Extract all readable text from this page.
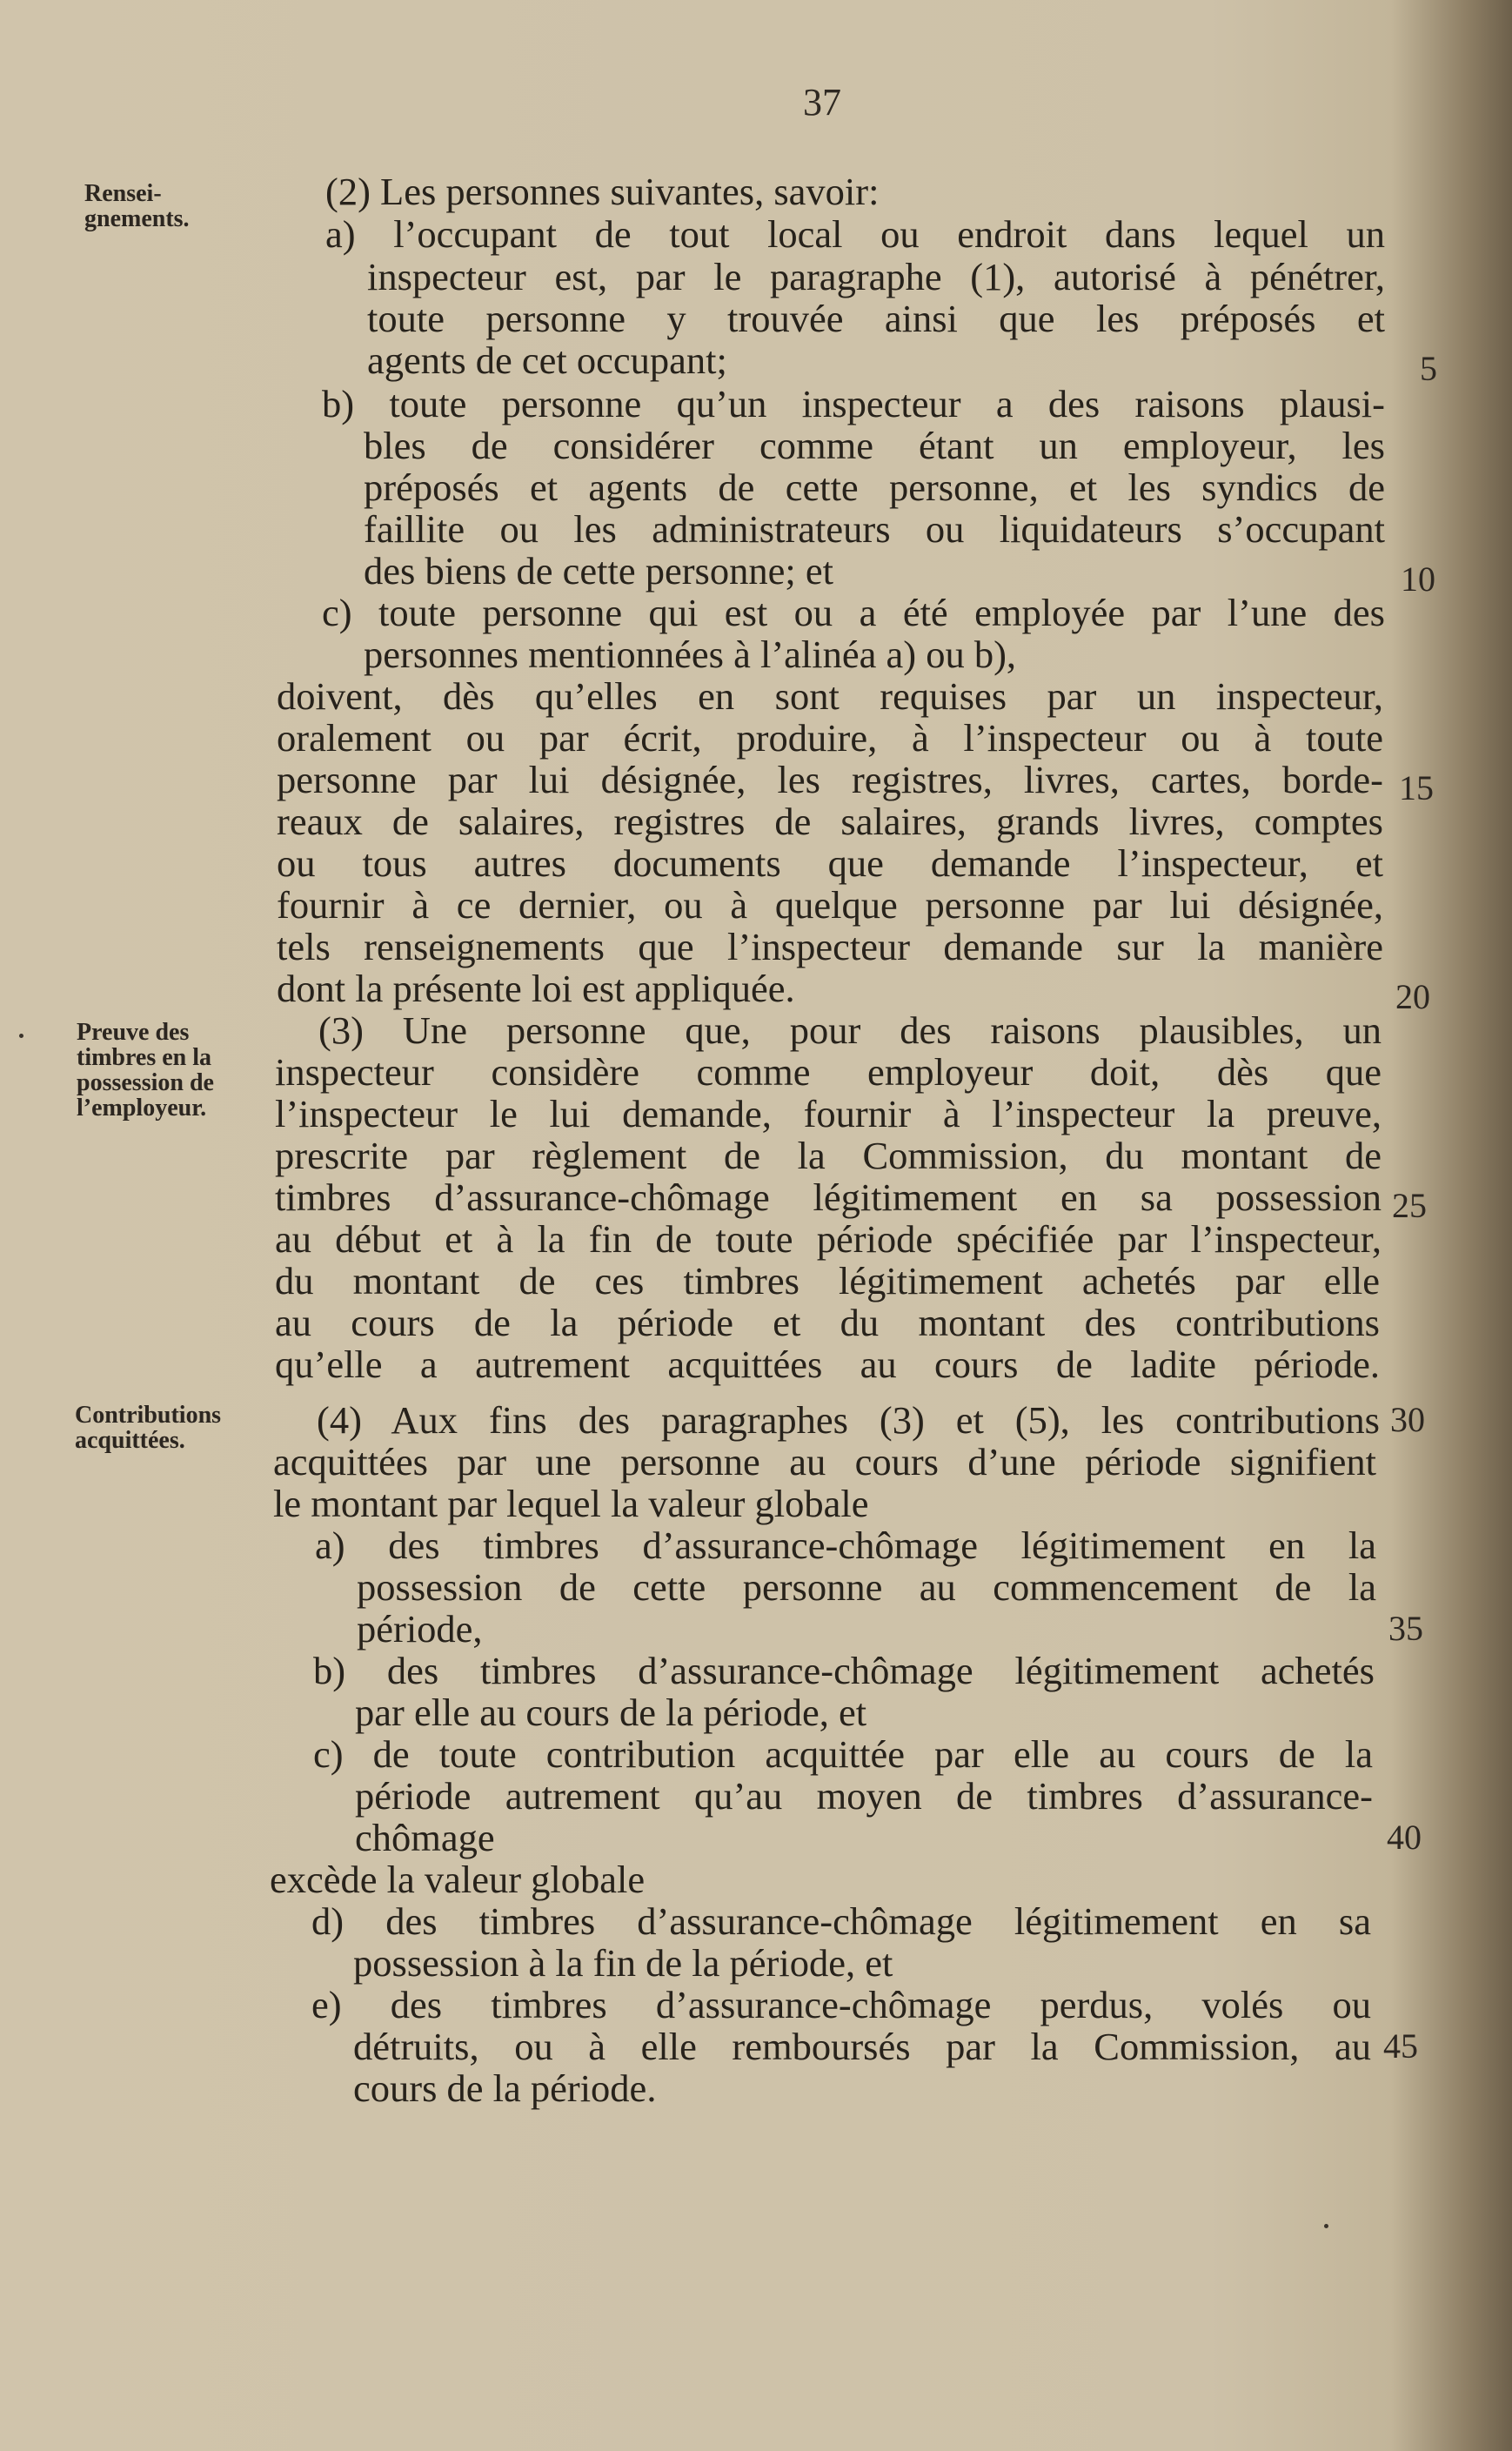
37
Rensei-
gnements.
Preuve des
timbres en la
possession de
l’employeur.
Contributions
acquittées.
(2) Les personnes suivantes, savoir:
a) l’occupant de tout local ou endroit dans lequel un
inspecteur est, par le paragraphe (1), autorisé à pénétrer,
toute personne y trouvée ainsi que les préposés et
agents de cet occupant;
b) toute personne qu’un inspecteur a des raisons plausi-
bles de considérer comme étant un employeur, les
préposés et agents de cette personne, et les syndics de
faillite ou les administrateurs ou liquidateurs s’occupant
des biens de cette personne; et
c) toute personne qui est ou a été employée par l’une des
personnes mentionnées à l’alinéa a) ou b),
doivent, dès qu’elles en sont requises par un inspecteur,
oralement ou par écrit, produire, à l’inspecteur ou à toute
personne par lui désignée, les registres, livres, cartes, borde-
reaux de salaires, registres de salaires, grands livres, comptes
ou tous autres documents que demande l’inspecteur, et
fournir à ce dernier, ou à quelque personne par lui désignée,
tels renseignements que l’inspecteur demande sur la manière
dont la présente loi est appliquée.
(3) Une personne que, pour des raisons plausibles, un
inspecteur considère comme employeur doit, dès que
l’inspecteur le lui demande, fournir à l’inspecteur la preuve,
prescrite par règlement de la Commission, du montant de
timbres d’assurance-chômage légitimement en sa possession
au début et à la fin de toute période spécifiée par l’inspecteur,
du montant de ces timbres légitimement achetés par elle
au cours de la période et du montant des contributions
qu’elle a autrement acquittées au cours de ladite période.
(4) Aux fins des paragraphes (3) et (5), les contributions
acquittées par une personne au cours d’une période signifient
le montant par lequel la valeur globale
a) des timbres d’assurance-chômage légitimement en la
possession de cette personne au commencement de la
période,
b) des timbres d’assurance-chômage légitimement achetés
par elle au cours de la période, et
c) de toute contribution acquittée par elle au cours de la
période autrement qu’au moyen de timbres d’assurance-
chômage
excède la valeur globale
d) des timbres d’assurance-chômage légitimement en sa
possession à la fin de la période, et
e) des timbres d’assurance-chômage perdus, volés ou
détruits, ou à elle remboursés par la Commission, au
cours de la période.
5
10
15
20
25
30
35
40
45
